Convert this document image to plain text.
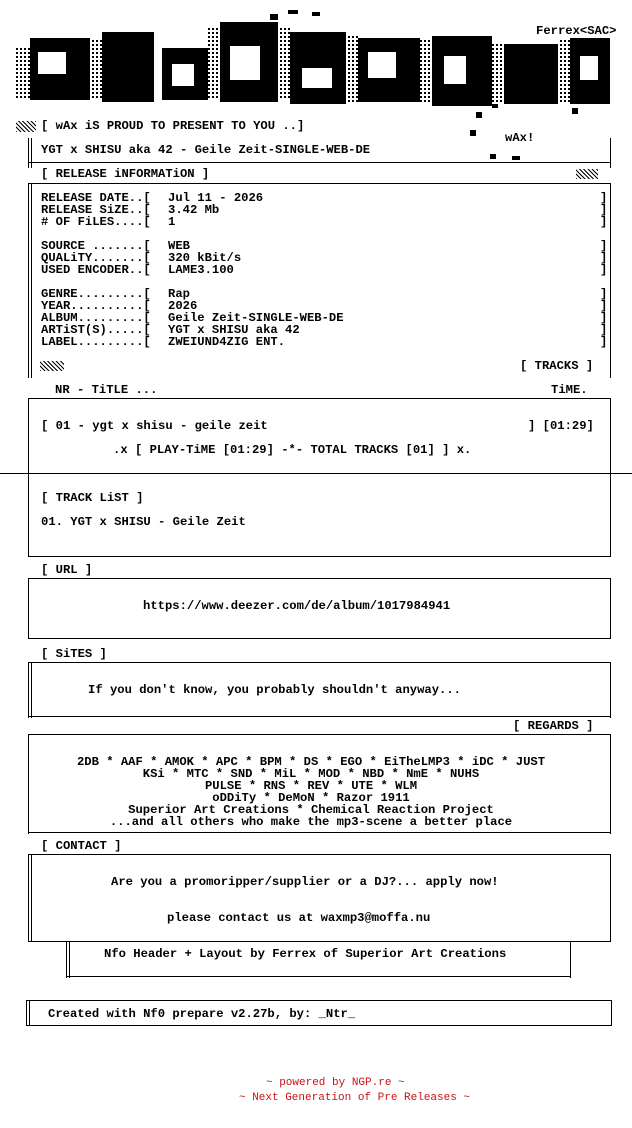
Ferrex<SAC>
[ wAx iS PROUD TO PRESENT TO YOU ..]
wAx!
YGT x SHISU aka 42 - Geile Zeit-SINGLE-WEB-DE
[ RELEASE iNFORMATiON ]
RELEASE DATE..[ Jul 11 - 2026	]
RELEASE SiZE..[ 3.42 Mb	]
# OF FiLES....[ 1	]
SOURCE .......[ WEB	]
QUALiTY.......[ 320 kBit/s	]
USED ENCODER..[ LAME3.100	]
GENRE.........[ Rap	]
YEAR..........[ 2026	]
ALBUM.........[ Geile Zeit-SINGLE-WEB-DE	]
ARTiST(S).....[ YGT x SHISU aka 42	]
LABEL.........[ ZWEIUND4ZIG ENT.	]
[ TRACKS ]
NR - TiTLE ...	TiME.
[ 01 - ygt x shisu - geile zeit	] [01:29]
.x [ PLAY-TiME [01:29] -*- TOTAL TRACKS [01] ] x.
[ TRACK LiST ]
01. YGT x SHISU - Geile Zeit
[ URL ]
https://www.deezer.com/de/album/1017984941
[ SiTES ]
If you don't know, you probably shouldn't anyway...
[ REGARDS ]
2DB * AAF * AMOK * APC * BPM * DS * EGO * EiTheLMP3 * iDC * JUST
KSi * MTC * SND * MiL * MOD * NBD * NmE * NUHS
PULSE * RNS * REV * UTE * WLM
oDDiTy * DeMoN * Razor 1911
Superior Art Creations * Chemical Reaction Project
...and all others who make the mp3-scene a better place
[ CONTACT ]
Are you a promoripper/supplier or a DJ?... apply now!
please contact us at waxmp3@moffa.nu
Nfo Header + Layout by Ferrex of Superior Art Creations
Created with Nf0 prepare v2.27b, by: _Ntr_
~ powered by NGP.re ~
~ Next Generation of Pre Releases ~
